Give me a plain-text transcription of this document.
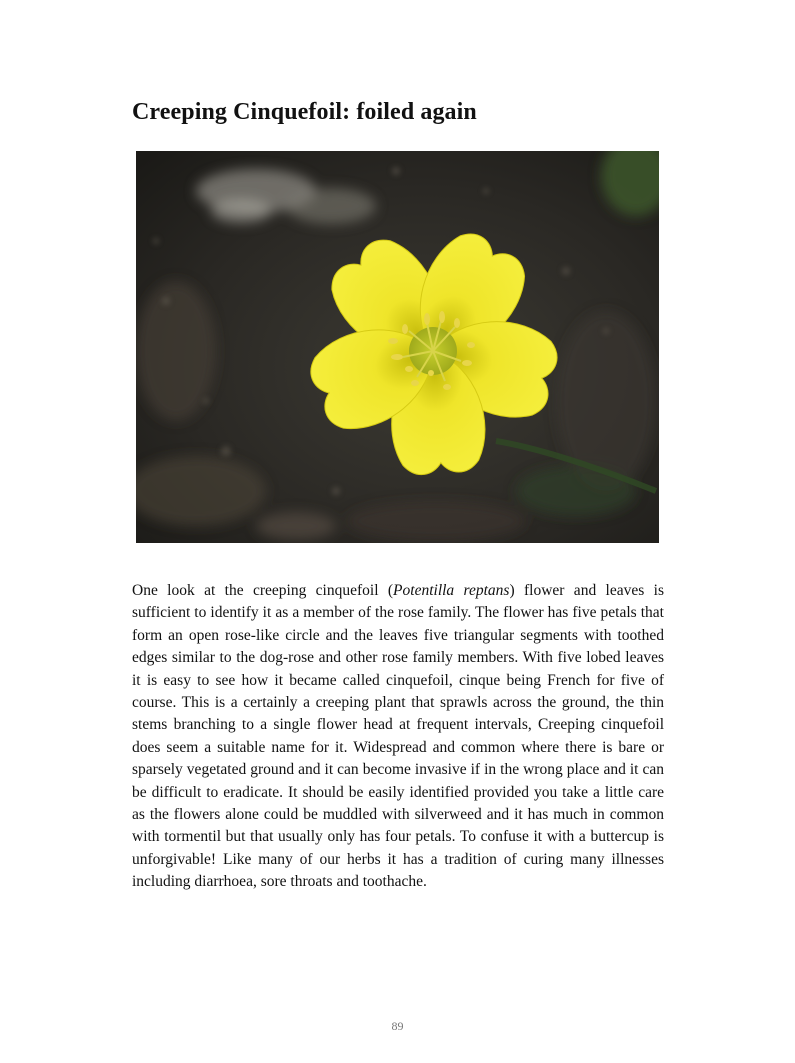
Creeping Cinquefoil: foiled again

One look at the creeping cinquefoil (Potentilla reptans) flower and leaves is sufficient to identify it as a member of the rose family. The flower has five petals that form an open rose-like circle and the leaves five triangular segments with toothed edges similar to the dog-rose and other rose family members. With five lobed leaves it is easy to see how it became called cinquefoil, cinque being French for five of course. This is a certainly a creeping plant that sprawls across the ground, the thin stems branching to a single flower head at frequent intervals, Creeping cinquefoil does seem a suitable name for it. Widespread and common where there is bare or sparsely vegetated ground and it can become invasive if in the wrong place and it can be difficult to eradicate. It should be easily identified provided you take a little care as the flowers alone could be muddled with silverweed and it has much in common with tormentil but that usually only has four petals. To confuse it with a buttercup is unforgivable! Like many of our herbs it has a tradition of curing many illnesses including diarrhoea, sore throats and toothache.

89
